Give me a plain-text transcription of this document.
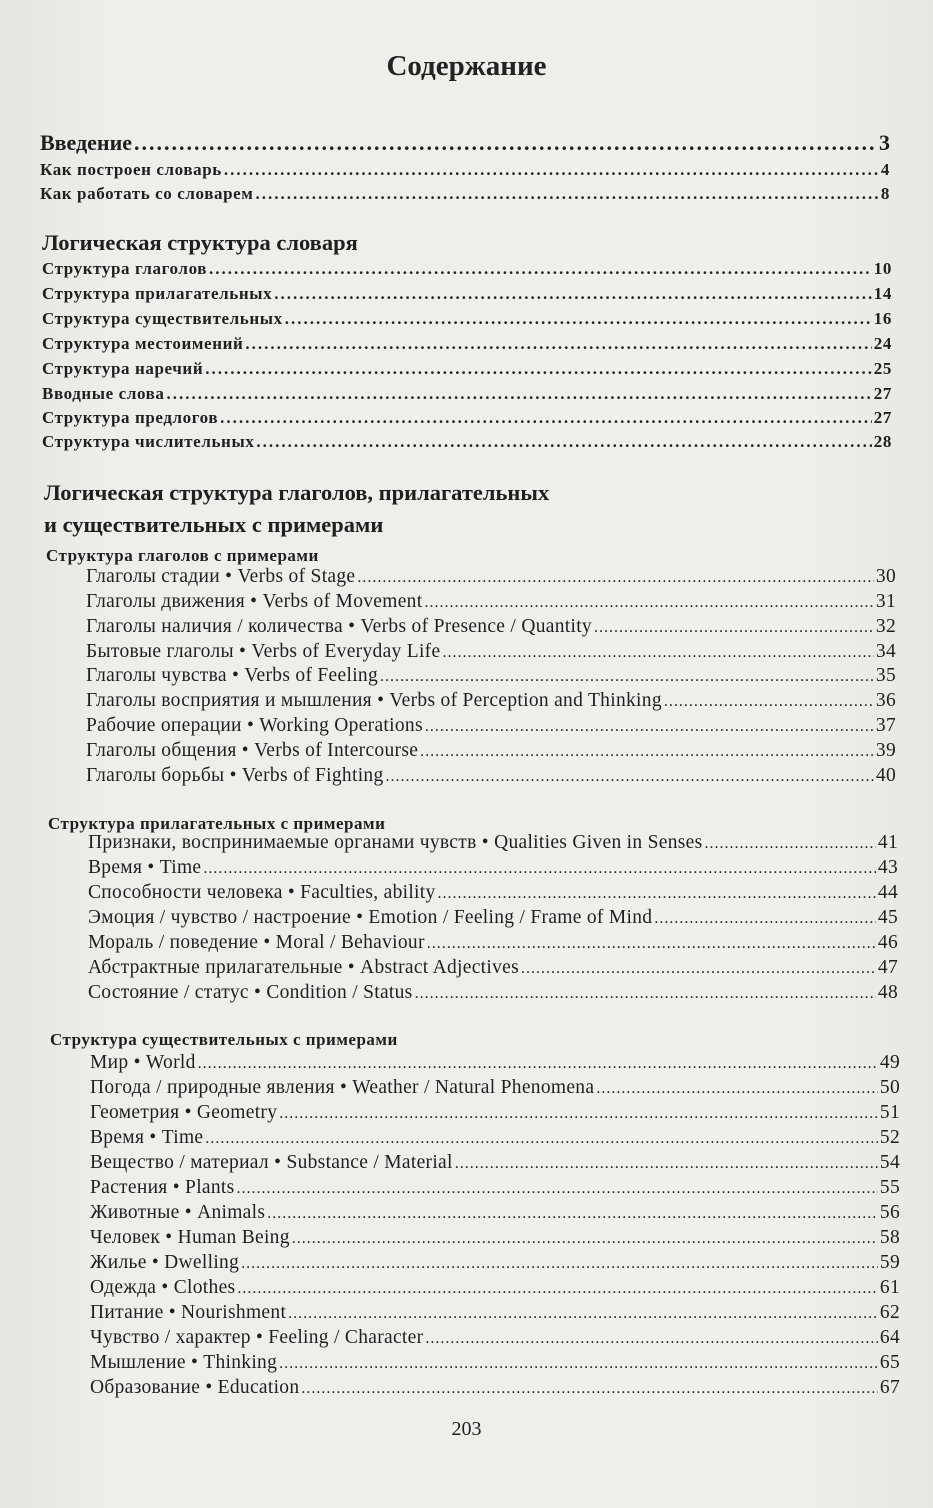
Содержание
Введение .....	3
Как построен словарь .....	4
Как работать со словарем .....	8
Логическая структура словаря
Структура глаголов .....	10
Структура прилагательных .....	14
Структура существительных .....	16
Структура местоимений .....	24
Структура наречий .....	25
Вводные слова .....	27
Структура предлогов .....	27
Структура числительных .....	28
Логическая структура глаголов, прилагательных
и существительных с примерами
Структура глаголов с примерами
Глаголы стадии • Verbs of Stage .....	30
Глаголы движения • Verbs of Movement .....	31
Глаголы наличия / количества • Verbs of Presence / Quantity .....	32
Бытовые глаголы • Verbs of Everyday Life .....	34
Глаголы чувства • Verbs of Feeling .....	35
Глаголы восприятия и мышления • Verbs of Perception and Thinking .....	36
Рабочие операции • Working Operations .....	37
Глаголы общения • Verbs of Intercourse .....	39
Глаголы борьбы • Verbs of Fighting .....	40
Структура прилагательных с примерами
Признаки, воспринимаемые органами чувств • Qualities Given in Senses .....	41
Время • Time .....	43
Способности человека • Faculties, ability .....	44
Эмоция / чувство / настроение • Emotion / Feeling / Frame of Mind .....	45
Мораль / поведение • Moral / Behaviour .....	46
Абстрактные прилагательные • Abstract Adjectives .....	47
Состояние / статус • Condition / Status .....	48
Структура существительных с примерами
Мир • World .....	49
Погода / природные явления • Weather / Natural Phenomena .....	50
Геометрия • Geometry .....	51
Время • Time .....	52
Вещество / материал • Substance / Material .....	54
Растения • Plants .....	55
Животные • Animals .....	56
Человек • Human Being .....	58
Жилье • Dwelling .....	59
Одежда • Clothes .....	61
Питание • Nourishment .....	62
Чувство / характер • Feeling / Character .....	64
Мышление • Thinking .....	65
Образование • Education .....	67
203
